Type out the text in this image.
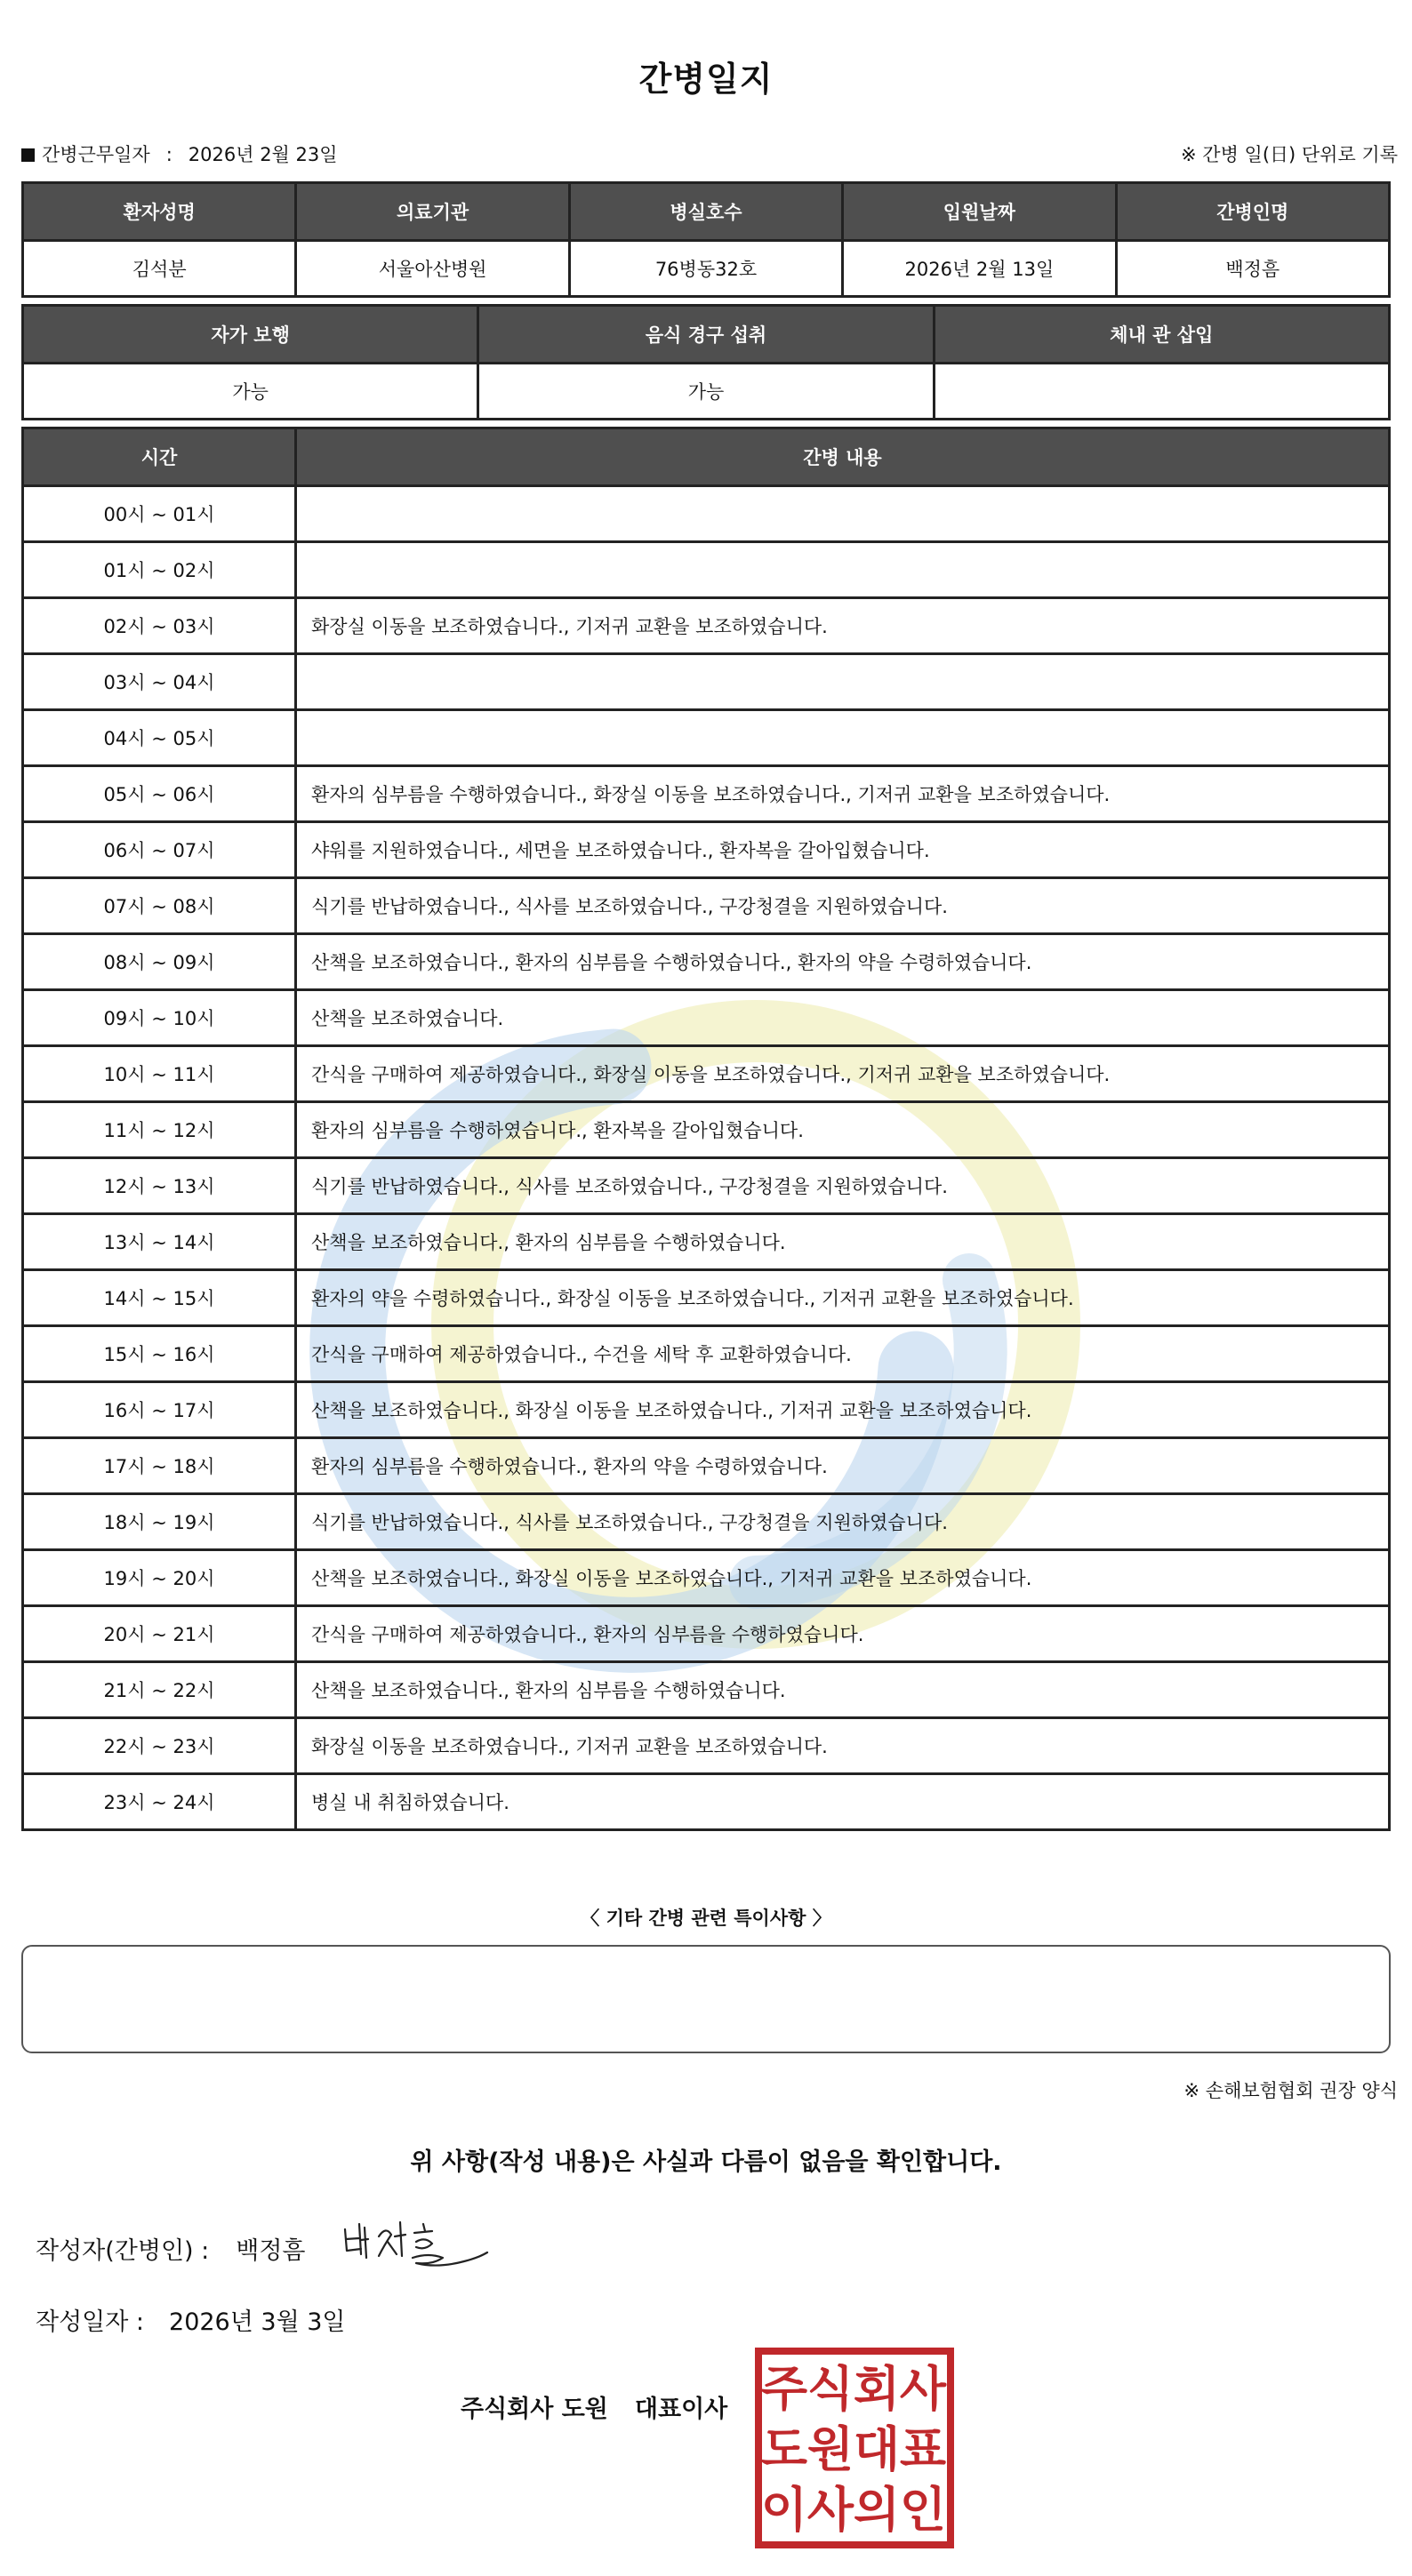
간병일지
간병근무일자 : 2026년 2월 23일	※ 간병 일(日) 단위로 기록
환자성명	의료기관	병실호수	입원날짜	간병인명
김석분	서울아산병원	76병동32호	2026년 2월 13일	백정흠
자가 보행	음식 경구 섭취	체내 관 삽입
가능	가능	
시간	간병 내용
00시 ~ 01시	
01시 ~ 02시	
02시 ~ 03시	화장실 이동을 보조하였습니다., 기저귀 교환을 보조하였습니다.
03시 ~ 04시	
04시 ~ 05시	
05시 ~ 06시	환자의 심부름을 수행하였습니다., 화장실 이동을 보조하였습니다., 기저귀 교환을 보조하였습니다.
06시 ~ 07시	샤워를 지원하였습니다., 세면을 보조하였습니다., 환자복을 갈아입혔습니다.
07시 ~ 08시	식기를 반납하였습니다., 식사를 보조하였습니다., 구강청결을 지원하였습니다.
08시 ~ 09시	산책을 보조하였습니다., 환자의 심부름을 수행하였습니다., 환자의 약을 수령하였습니다.
09시 ~ 10시	산책을 보조하였습니다.
10시 ~ 11시	간식을 구매하여 제공하였습니다., 화장실 이동을 보조하였습니다., 기저귀 교환을 보조하였습니다.
11시 ~ 12시	환자의 심부름을 수행하였습니다., 환자복을 갈아입혔습니다.
12시 ~ 13시	식기를 반납하였습니다., 식사를 보조하였습니다., 구강청결을 지원하였습니다.
13시 ~ 14시	산책을 보조하였습니다., 환자의 심부름을 수행하였습니다.
14시 ~ 15시	환자의 약을 수령하였습니다., 화장실 이동을 보조하였습니다., 기저귀 교환을 보조하였습니다.
15시 ~ 16시	간식을 구매하여 제공하였습니다., 수건을 세탁 후 교환하였습니다.
16시 ~ 17시	산책을 보조하였습니다., 화장실 이동을 보조하였습니다., 기저귀 교환을 보조하였습니다.
17시 ~ 18시	환자의 심부름을 수행하였습니다., 환자의 약을 수령하였습니다.
18시 ~ 19시	식기를 반납하였습니다., 식사를 보조하였습니다., 구강청결을 지원하였습니다.
19시 ~ 20시	산책을 보조하였습니다., 화장실 이동을 보조하였습니다., 기저귀 교환을 보조하였습니다.
20시 ~ 21시	간식을 구매하여 제공하였습니다., 환자의 심부름을 수행하였습니다.
21시 ~ 22시	산책을 보조하였습니다., 환자의 심부름을 수행하였습니다.
22시 ~ 23시	화장실 이동을 보조하였습니다., 기저귀 교환을 보조하였습니다.
23시 ~ 24시	병실 내 취침하였습니다.
〈 기타 간병 관련 특이사항 〉
※ 손해보험협회 권장 양식
위 사항(작성 내용)은 사실과 다름이 없음을 확인합니다.
작성자(간병인) : 백정흠
작성일자 : 2026년 3월 3일
주식회사 도원 대표이사 주 식 회 사
도 원 대 표
이 사 의 인
